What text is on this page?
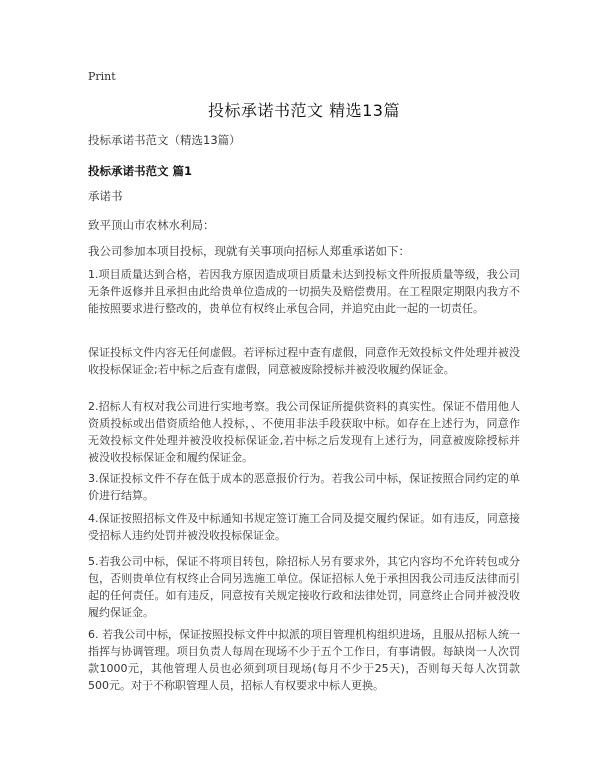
Print
投标承诺书范文 精选13篇
投标承诺书范文（精选13篇）
投标承诺书范文 篇1
承诺书
致平顶山市农林水利局：
我公司参加本项目投标，现就有关事项向招标人郑重承诺如下：
1.项目质量达到合格，若因我方原因造成项目质量未达到投标文件所报质量等级，我公司无条件返修并且承担由此给贵单位造成的一切损失及赔偿费用。在工程限定期限内我方不能按照要求进行整改的，贵单位有权终止承包合同，并追究由此一起的一切责任。
保证投标文件内容无任何虚假。若评标过程中查有虚假，同意作无效投标文件处理并被没收投标保证金;若中标之后查有虚假，同意被废除授标并被没收履约保证金。
2.招标人有权对我公司进行实地考察。我公司保证所提供资料的真实性。保证不借用他人资质投标或出借资质给他人投标，、不使用非法手段获取中标。如存在上述行为，同意作无效投标文件处理并被没收投标保证金,若中标之后发现有上述行为，同意被废除授标并被没收投标保证金和履约保证金。
3.保证投标文件不存在低于成本的恶意报价行为。若我公司中标，保证按照合同约定的单价进行结算。
4.保证按照招标文件及中标通知书规定签订施工合同及提交履约保证。如有违反，同意接受招标人违约处罚并被没收投标保证金。
5.若我公司中标，保证不将项目转包，除招标人另有要求外，其它内容均不允许转包或分包，否则贵单位有权终止合同另选施工单位。保证招标人免于承担因我公司违反法律而引起的任何责任。如有违反，同意按有关规定接收行政和法律处罚，同意终止合同并被没收履约保证金。
6. 若我公司中标，保证按照投标文件中拟派的项目管理机构组织进场，且服从招标人统一指挥与协调管理。项目负责人每周在现场不少于五个工作日，有事请假。每缺岗一人次罚款1000元，其他管理人员也必须到项目现场(每月不少于25天)，否则每天每人次罚款500元。对于不称职管理人员，招标人有权要求中标人更换。
